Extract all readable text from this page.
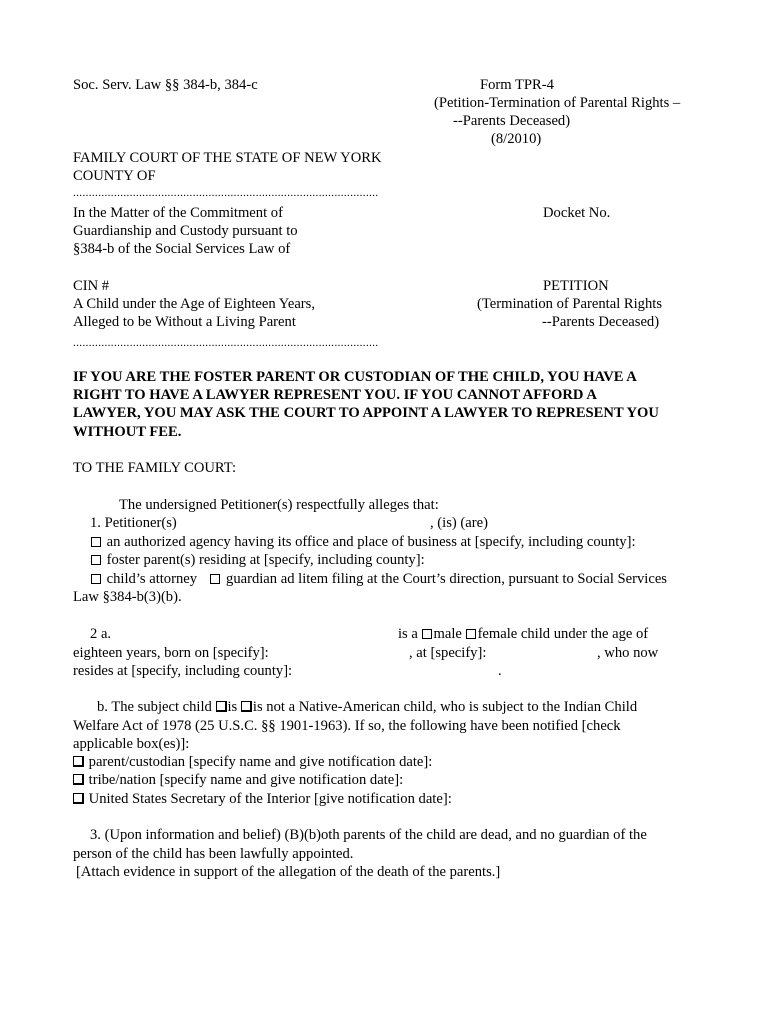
Soc. Serv. Law §§ 384-b, 384-c	Form TPR-4
(Petition-Termination of Parental Rights –
--Parents Deceased)
(8/2010)
FAMILY COURT OF THE STATE OF NEW YORK
COUNTY OF
.................................................................................................
In the Matter of the Commitment of
Guardianship and Custody pursuant to
§384-b of the Social Services Law of
Docket No.
CIN #
A Child under the Age of Eighteen Years,
Alleged to be Without a Living Parent
PETITION
(Termination of Parental Rights
--Parents Deceased)
.................................................................................................
IF YOU ARE THE FOSTER PARENT OR CUSTODIAN OF THE CHILD, YOU HAVE A
RIGHT TO HAVE A LAWYER REPRESENT YOU. IF YOU CANNOT AFFORD A
LAWYER, YOU MAY ASK THE COURT TO APPOINT A LAWYER TO REPRESENT YOU
WITHOUT FEE.
TO THE FAMILY COURT:
The undersigned Petitioner(s) respectfully alleges that:
1. Petitioner(s)	, (is) (are)
an authorized agency having its office and place of business at [specify, including county]:
foster parent(s) residing at [specify, including county]:
child’s attorney guardian ad litem filing at the Court’s direction, pursuant to Social Services
Law §384-b(3)(b).
2 a.	is a male female child under the age of
eighteen years, born on [specify]:	, at [specify]:	, who now
resides at [specify, including county]:	.
b. The subject child is is not a Native-American child, who is subject to the Indian Child
Welfare Act of 1978 (25 U.S.C. §§ 1901-1963). If so, the following have been notified [check
applicable box(es)]:
parent/custodian [specify name and give notification date]:
tribe/nation [specify name and give notification date]:
United States Secretary of the Interior [give notification date]:
3. (Upon information and belief) (B)(b)oth parents of the child are dead, and no guardian of the
person of the child has been lawfully appointed.
[Attach evidence in support of the allegation of the death of the parents.]
